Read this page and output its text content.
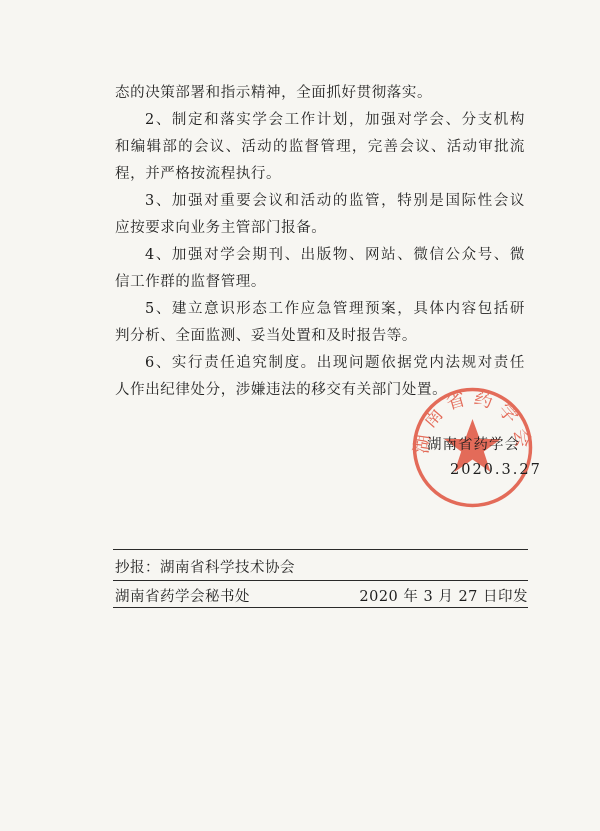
态的决策部署和指示精神，全面抓好贯彻落实。
2、制定和落实学会工作计划，加强对学会、分支机构
和编辑部的会议、活动的监督管理，完善会议、活动审批流
程，并严格按流程执行。
3、加强对重要会议和活动的监管，特别是国际性会议
应按要求向业务主管部门报备。
4、加强对学会期刊、出版物、网站、微信公众号、微
信工作群的监督管理。
5、建立意识形态工作应急管理预案，具体内容包括研
判分析、全面监测、妥当处置和及时报告等。
6、实行责任追究制度。出现问题依据党内法规对责任
人作出纪律处分，涉嫌违法的移交有关部门处置。
湖南省药学会
湖南省药学会
2020.3.27
抄报：湖南省科学技术协会
湖南省药学会秘书处	2020 年 3 月 27 日印发
